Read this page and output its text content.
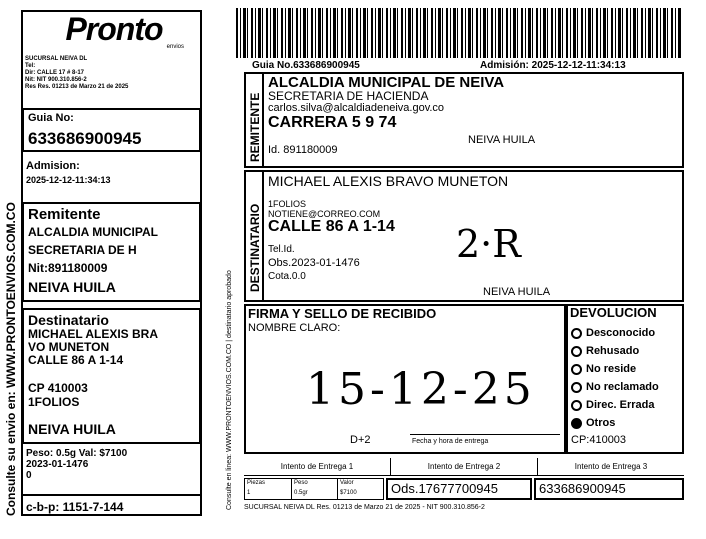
Pronto envios
SUCURSAL NEIVA DL
Tel:
Dir: CALLE 17 # 8-17
Nit: NIT 900.310.856-2
Res Res. 01213 de Marzo 21 de 2025
Guia No:
633686900945
Admision:
2025-12-12-11:34:13
Remitente
ALCALDIA MUNICIPAL
SECRETARIA DE H
Nit:891180009
NEIVA HUILA
Destinatario
MICHAEL ALEXIS BRA
VO MUNETON
CALLE 86 A 1-14
CP 410003
1FOLIOS
NEIVA HUILA
Peso: 0.5g Val: $7100
2023-01-1476
0
c-b-p: 1151-7-144
Consulte su envio en: WWW.PRONTOENVIOS.COM.CO
Guia No.633686900945	Admisión: 2025-12-12-11:34:13
Consulte en linea: WWW.PRONTOENVIOS.COM.CO | destinatario aprobado
REMITENTE
ALCALDIA MUNICIPAL DE NEIVA
SECRETARIA DE HACIENDA
carlos.silva@alcaldiadeneiva.gov.co
CARRERA 5 9 74
NEIVA HUILA
Id. 891180009
DESTINATARIO
MICHAEL ALEXIS BRAVO MUNETON
1FOLIOS
NOTIENE@CORREO.COM
CALLE 86 A 1-14
Tel.Id.
Obs.2023-01-1476
Cota.0.0
NEIVA HUILA
2·R
FIRMA Y SELLO DE RECIBIDO
NOMBRE CLARO:
15-12-25
D+2	Fecha y hora de entrega
DEVOLUCION
Desconocido
Rehusado
No reside
No reclamado
Direc. Errada
Otros
CP:410003
Intento de Entrega 1	Intento de Entrega 2	Intento de Entrega 3
Piezas	Peso	Valor
1	0.5gr	$7100	Ods.17677700945	633686900945
SUCURSAL NEIVA DL Res. 01213 de Marzo 21 de 2025 - NIT 900.310.856-2
